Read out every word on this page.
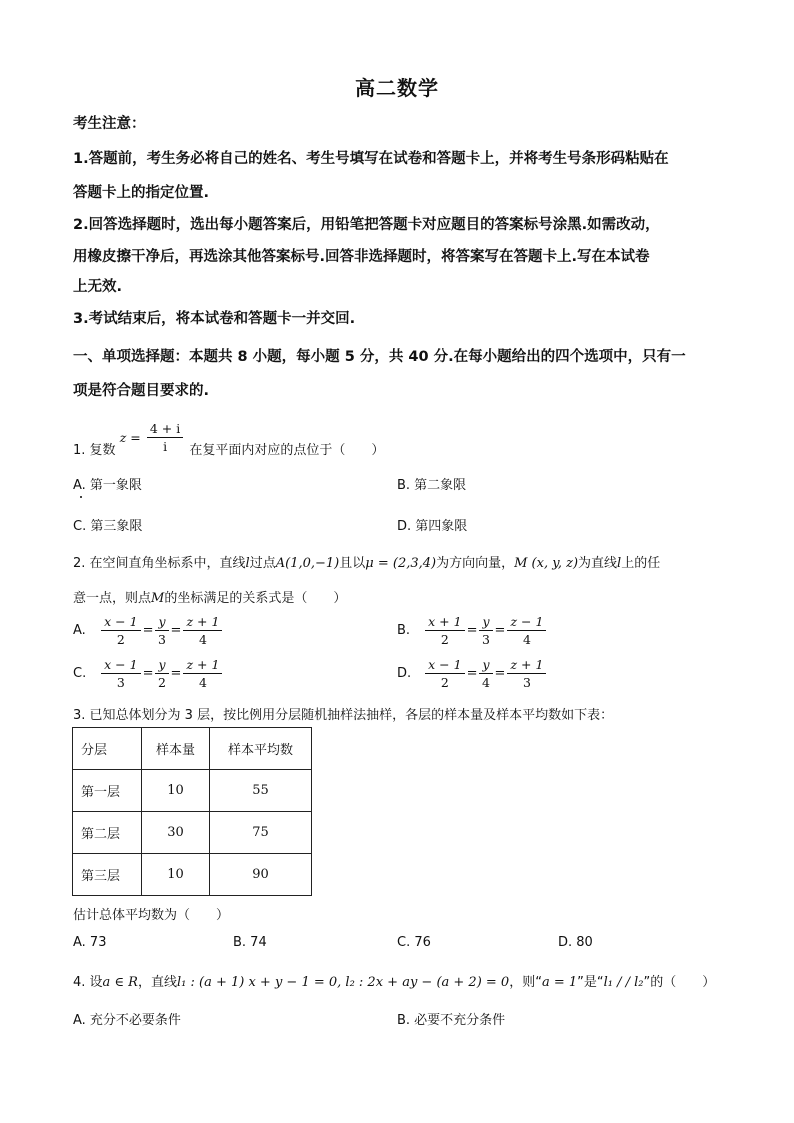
高二数学
考生注意：
1.答题前，考生务必将自己的姓名、考生号填写在试卷和答题卡上，并将考生号条形码粘贴在
答题卡上的指定位置.
2.回答选择题时，选出每小题答案后，用铅笔把答题卡对应题目的答案标号涂黑.如需改动，
用橡皮擦干净后，再选涂其他答案标号.回答非选择题时，将答案写在答题卡上.写在本试卷
上无效.
3.考试结束后，将本试卷和答题卡一并交回.
一、单项选择题：本题共 8 小题，每小题 5 分，共 40 分.在每小题给出的四个选项中，只有一
项是符合题目要求的.
1. 复数 $z = \frac{4 + i}{i}$ 在复平面内对应的点位于（　　）
A. 第一象限	B. 第二象限
C. 第三象限	D. 第四象限
2. 在空间直角坐标系中，直线l过点A(1,0,−1)且以μ = (2,3,4)为方向向量，M (x, y, z)为直线l上的任
意一点，则点M的坐标满足的关系式是（　　）
A. $\frac{x - 1}{2} = \frac{y}{3} = \frac{z + 1}{4}$	B. $\frac{x + 1}{2} = \frac{y}{3} = \frac{z - 1}{4}$
C. $\frac{x - 1}{3} = \frac{y}{2} = \frac{z + 1}{4}$	D. $\frac{x - 1}{2} = \frac{y}{4} = \frac{z + 1}{3}$
3. 已知总体划分为 3 层，按比例用分层随机抽样法抽样，各层的样本量及样本平均数如下表：
分层	样本量	样本平均数
第一层	10	55
第二层	30	75
第三层	10	90
估计总体平均数为（　　）
A. 73	B. 74	C. 76	D. 80
4. 设a ∈ R，直线l₁ : (a + 1) x + y − 1 = 0, l₂ : 2x + ay − (a + 2) = 0，则“a = 1”是“l₁ / / l₂”的（　　）
A. 充分不必要条件	B. 必要不充分条件
